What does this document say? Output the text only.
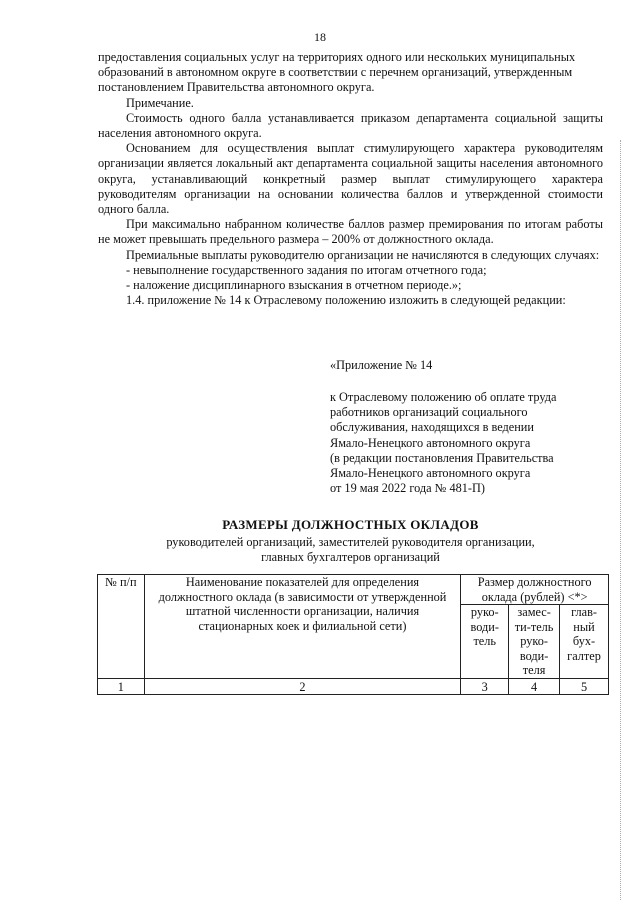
18

предоставления социальных услуг на территориях одного или нескольких муниципальных образований в автономном округе в соответствии с перечнем организаций, утвержденным постановлением Правительства автономного округа.

Примечание.

Стоимость одного балла устанавливается приказом департамента социальной защиты населения автономного округа.

Основанием для осуществления выплат стимулирующего характера руководителям организации является локальный акт департамента социальной защиты населения автономного округа, устанавливающий конкретный размер выплат стимулирующего характера руководителям организации на основании количества баллов и утвержденной стоимости одного балла.

При максимально набранном количестве баллов размер премирования по итогам работы не может превышать предельного размера – 200% от должностного оклада.

Премиальные выплаты руководителю организации не начисляются в следующих случаях:

- невыполнение государственного задания по итогам отчетного года;

- наложение дисциплинарного взыскания в отчетном периоде.»;

1.4. приложение № 14 к Отраслевому положению изложить в следующей редакции:

«Приложение № 14

к Отраслевому положению об оплате труда

работников организаций социального

обслуживания, находящихся в ведении

Ямало-Ненецкого автономного округа

(в редакции постановления Правительства

Ямало-Ненецкого автономного округа

от 19 мая 2022 года № 481-П)

РАЗМЕРЫ ДОЛЖНОСТНЫХ ОКЛАДОВ
руководителей организаций, заместителей руководителя организации,
главных бухгалтеров организаций
№ п/п	Наименование показателей для определения должностного оклада (в зависимости от утвержденной штатной численности организации, наличия стационарных коек и филиальной сети)	Размер должностного оклада (рублей) <*>		
		руко-води-тель	замес-ти-тель руко-води-теля	глав-ный бух-галтер
1	2	3	4	5
